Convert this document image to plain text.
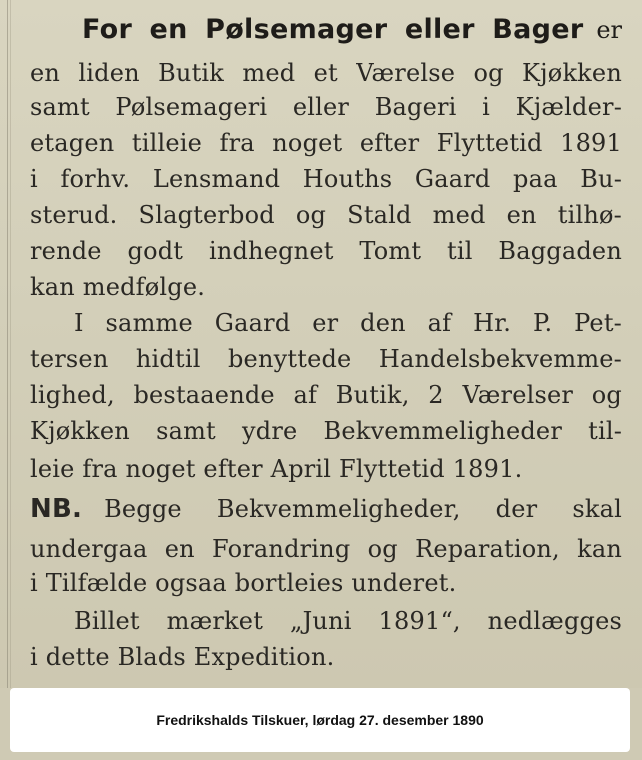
For en Pølsemager eller Bager er
en liden Butik med et Værelse og Kjøkken
samt Pølsemageri eller Bageri i Kjælder-
etagen tilleie fra noget efter Flyttetid 1891
i forhv. Lensmand Houths Gaard paa Bu-
sterud. Slagterbod og Stald med en tilhø-
rende godt indhegnet Tomt til Baggaden
kan medfølge.
I samme Gaard er den af Hr. P. Pet-
tersen hidtil benyttede Handelsbekvemme-
lighed, bestaaende af Butik, 2 Værelser og
Kjøkken samt ydre Bekvemmeligheder til-
leie fra noget efter April Flyttetid 1891.
NB. Begge Bekvemmeligheder, der skal
undergaa en Forandring og Reparation, kan
i Tilfælde ogsaa bortleies underet.
Billet mærket „Juni 1891“, nedlægges
i dette Blads Expedition.
Fredrikshalds Tilskuer, lørdag 27. desember 1890
